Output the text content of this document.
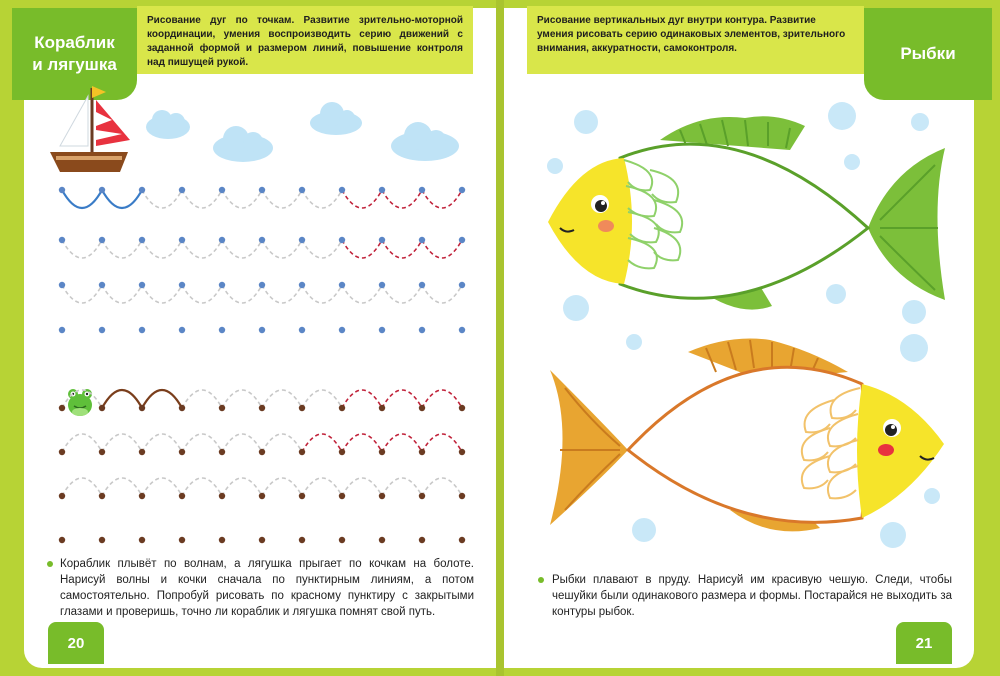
Кораблик
и лягушка
Рыбки
Рисование дуг по точкам. Развитие зрительно-моторной координации, умения воспроизводить серию движений с заданной формой и размером линий, повышение контроля над пишущей рукой.
Рисование вертикальных дуг внутри контура. Развитие умения рисовать серию одинаковых элементов, зрительного внимания, аккуратности, самоконтроля.
Кораблик плывёт по волнам, а лягушка прыгает по кочкам на болоте. Нарисуй волны и кочки сначала по пунктирным линиям, а потом самостоятельно. Попробуй рисовать по красному пунктиру с закрытыми глазами и проверишь, точно ли кораблик и лягушка помнят свой путь.
Рыбки плавают в пруду. Нарисуй им красивую чешую. Следи, чтобы чешуйки были одинакового размера и формы. Постарайся не выходить за контуры рыбок.
20	21
